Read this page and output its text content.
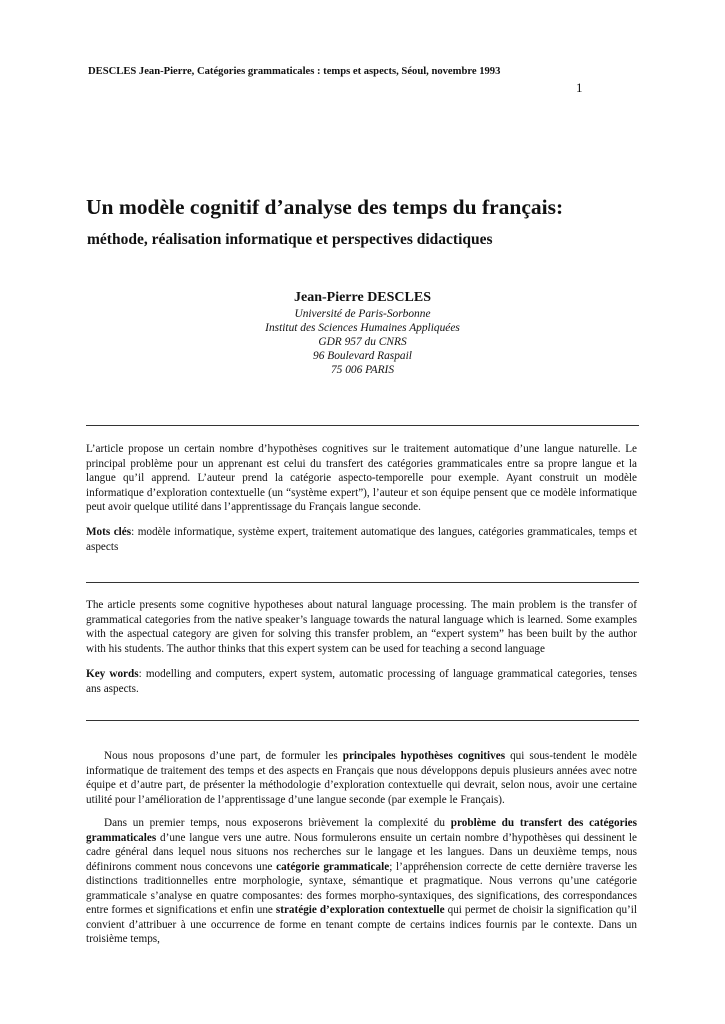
DESCLES Jean-Pierre, Catégories grammaticales : temps et aspects, Séoul, novembre 1993
1
Un modèle cognitif d’analyse des temps du français:
méthode, réalisation informatique et perspectives didactiques
Jean-Pierre DESCLES
Université de Paris-Sorbonne
Institut des Sciences Humaines Appliquées
GDR 957 du CNRS
96 Boulevard Raspail
75 006 PARIS
L’article propose un certain nombre d’hypothèses cognitives sur le traitement automatique d’une langue naturelle. Le principal problème pour un apprenant est celui du transfert des catégories grammaticales entre sa propre langue et la langue qu’il apprend. L’auteur prend la catégorie aspecto-temporelle pour exemple. Ayant construit un modèle informatique d’exploration contextuelle (un “système expert”), l’auteur et son équipe pensent que ce modèle informatique peut avoir quelque utilité dans l’apprentissage du Français langue seconde.
Mots clés: modèle informatique, système expert, traitement automatique des langues, catégories grammaticales, temps et aspects
The article presents some cognitive hypotheses about natural language processing. The main problem is the transfer of grammatical categories from the native speaker’s language towards the natural language which is learned. Some examples with the aspectual category are given for solving this transfer problem, an “expert system” has been built by the author with his students. The author thinks that this expert system can be used for teaching a second language
Key words: modelling and computers, expert system, automatic processing of language grammatical categories, tenses ans aspects.
Nous nous proposons d’une part, de formuler les principales hypothèses cognitives qui sous-tendent le modèle informatique de traitement des temps et des aspects en Français que nous développons depuis plusieurs années avec notre équipe et d’autre part, de présenter la méthodologie d’exploration contextuelle qui devrait, selon nous, avoir une certaine utilité pour l’amélioration de l’apprentissage d’une langue seconde (par exemple le Français).
Dans un premier temps, nous exposerons brièvement la complexité du problème du transfert des catégories grammaticales d’une langue vers une autre. Nous formulerons ensuite un certain nombre d’hypothèses qui dessinent le cadre général dans lequel nous situons nos recherches sur le langage et les langues. Dans un deuxième temps, nous définirons comment nous concevons une catégorie grammaticale; l’appréhension correcte de cette dernière traverse les distinctions traditionnelles entre morphologie, syntaxe, sémantique et pragmatique. Nous verrons qu’une catégorie grammaticale s’analyse en quatre composantes: des formes morpho-syntaxiques, des significations, des correspondances entre formes et significations et enfin une stratégie d’exploration contextuelle qui permet de choisir la signification qu’il convient d’attribuer à une occurrence de forme en tenant compte de certains indices fournis par le contexte. Dans un troisième temps,
